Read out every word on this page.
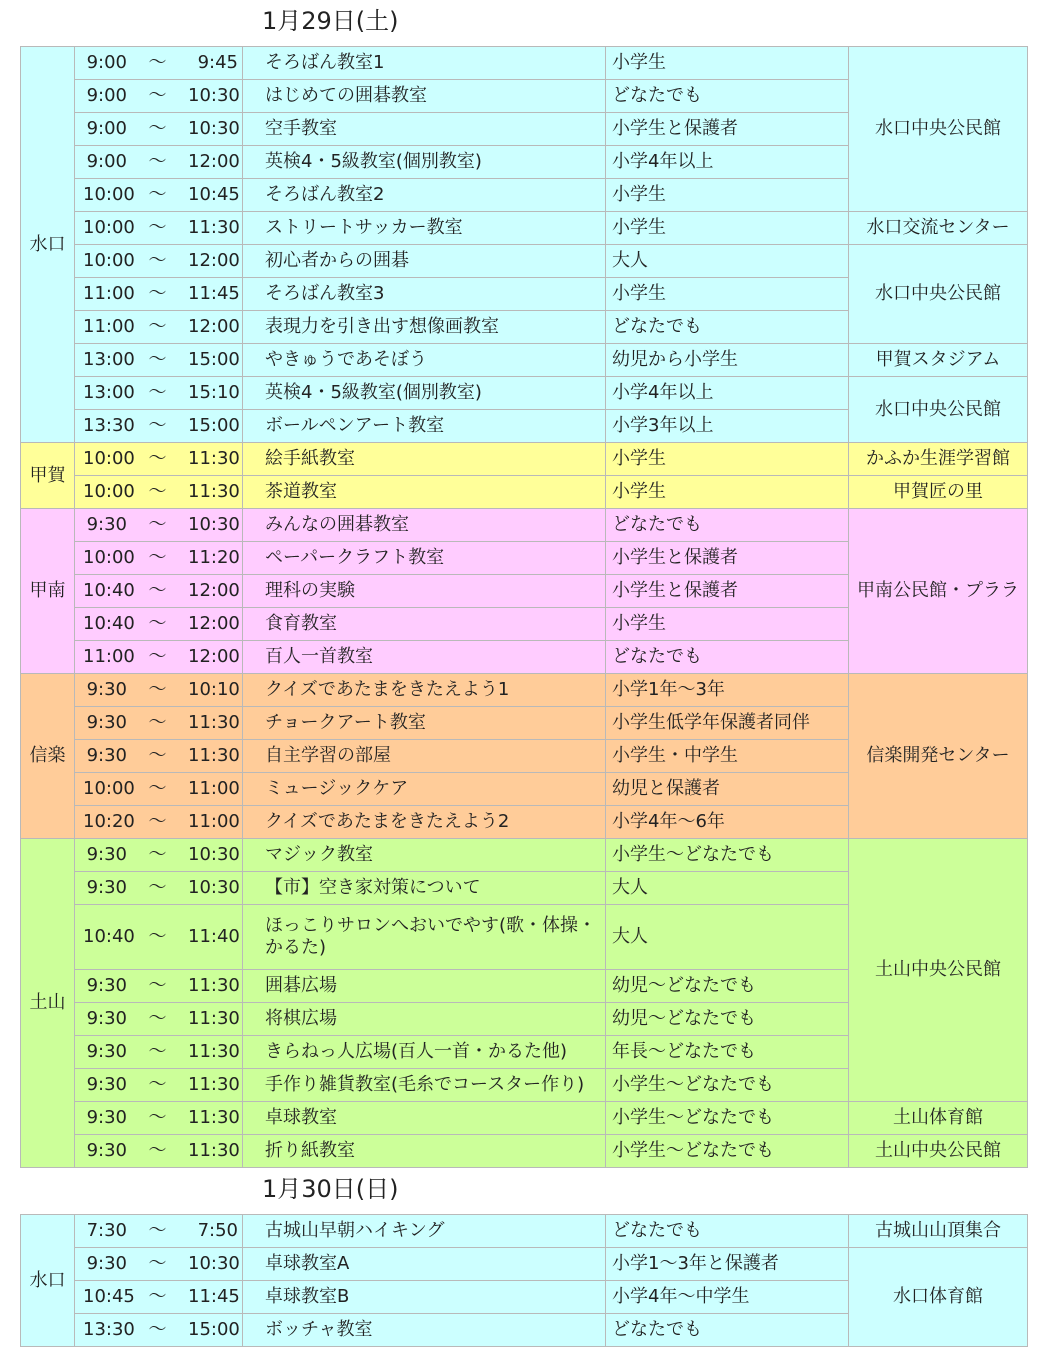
1月29日(土)
水口	9:00 ～ 9:45	そろばん教室1	小学生	水口中央公民館

	9:00 ～ 10:30	はじめての囲碁教室	どなたでも	

	9:00 ～ 10:30	空手教室	小学生と保護者	

	9:00 ～ 12:00	英検4・5級教室(個別教室)	小学4年以上	

	10:00 ～ 10:45	そろばん教室2	小学生	

	10:00 ～ 11:30	ストリートサッカー教室	小学生	水口交流センター

	10:00 ～ 12:00	初心者からの囲碁	大人	水口中央公民館

	11:00 ～ 11:45	そろばん教室3	小学生	

	11:00 ～ 12:00	表現力を引き出す想像画教室	どなたでも	

	13:00 ～ 15:00	やきゅうであそぼう	幼児から小学生	甲賀スタジアム

	13:00 ～ 15:10	英検4・5級教室(個別教室)	小学4年以上	水口中央公民館

	13:30 ～ 15:00	ボールペンアート教室	小学3年以上	
甲賀	10:00 ～ 11:30	絵手紙教室	小学生	かふか生涯学習館

	10:00 ～ 11:30	茶道教室	小学生	甲賀匠の里
甲南	9:30 ～ 10:30	みんなの囲碁教室	どなたでも	甲南公民館・プララ

	10:00 ～ 11:20	ペーパークラフト教室	小学生と保護者	

	10:40 ～ 12:00	理科の実験	小学生と保護者	

	10:40 ～ 12:00	食育教室	小学生	

	11:00 ～ 12:00	百人一首教室	どなたでも	
信楽	9:30 ～ 10:10	クイズであたまをきたえよう1	小学1年～3年	信楽開発センター

	9:30 ～ 11:30	チョークアート教室	小学生低学年保護者同伴	

	9:30 ～ 11:30	自主学習の部屋	小学生・中学生	

	10:00 ～ 11:00	ミュージックケア	幼児と保護者	

	10:20 ～ 11:00	クイズであたまをきたえよう2	小学4年～6年	
土山	9:30 ～ 10:30	マジック教室	小学生～どなたでも	土山中央公民館

	9:30 ～ 10:30	【市】空き家対策について	大人	

	10:40 ～ 11:40	ほっこりサロンへおいでやす(歌・体操・かるた)	大人	

	9:30 ～ 11:30	囲碁広場	幼児～どなたでも	

	9:30 ～ 11:30	将棋広場	幼児～どなたでも	

	9:30 ～ 11:30	きらねっ人広場(百人一首・かるた他)	年長～どなたでも	

	9:30 ～ 11:30	手作り雑貨教室(毛糸でコースター作り)	小学生～どなたでも	

	9:30 ～ 11:30	卓球教室	小学生～どなたでも	土山体育館

	9:30 ～ 11:30	折り紙教室	小学生～どなたでも	土山中央公民館
1月30日(日)
水口	7:30 ～ 7:50	古城山早朝ハイキング	どなたでも	古城山山頂集合

	9:30 ～ 10:30	卓球教室A	小学1～3年と保護者	水口体育館

	10:45 ～ 11:45	卓球教室B	小学4年～中学生	

	13:30 ～ 15:00	ボッチャ教室	どなたでも	
